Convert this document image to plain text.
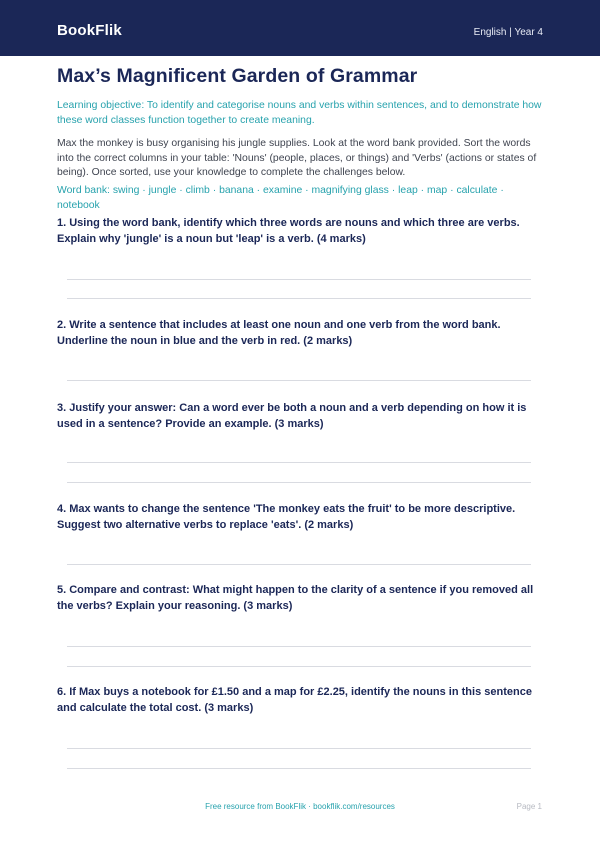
BookFlik	English | Year 4
Max’s Magnificent Garden of Grammar
Learning objective: To identify and categorise nouns and verbs within sentences, and to demonstrate how these word classes function together to create meaning.
Max the monkey is busy organising his jungle supplies. Look at the word bank provided. Sort the words into the correct columns in your table: 'Nouns' (people, places, or things) and 'Verbs' (actions or states of being). Once sorted, use your knowledge to complete the challenges below.
Word bank: swing · jungle · climb · banana · examine · magnifying glass · leap · map · calculate · notebook
1. Using the word bank, identify which three words are nouns and which three are verbs. Explain why 'jungle' is a noun but 'leap' is a verb. (4 marks)
2. Write a sentence that includes at least one noun and one verb from the word bank. Underline the noun in blue and the verb in red. (2 marks)
3. Justify your answer: Can a word ever be both a noun and a verb depending on how it is used in a sentence? Provide an example. (3 marks)
4. Max wants to change the sentence 'The monkey eats the fruit' to be more descriptive. Suggest two alternative verbs to replace 'eats'. (2 marks)
5. Compare and contrast: What might happen to the clarity of a sentence if you removed all the verbs? Explain your reasoning. (3 marks)
6. If Max buys a notebook for £1.50 and a map for £2.25, identify the nouns in this sentence and calculate the total cost. (3 marks)
Free resource from BookFlik · bookflik.com/resources	Page 1
